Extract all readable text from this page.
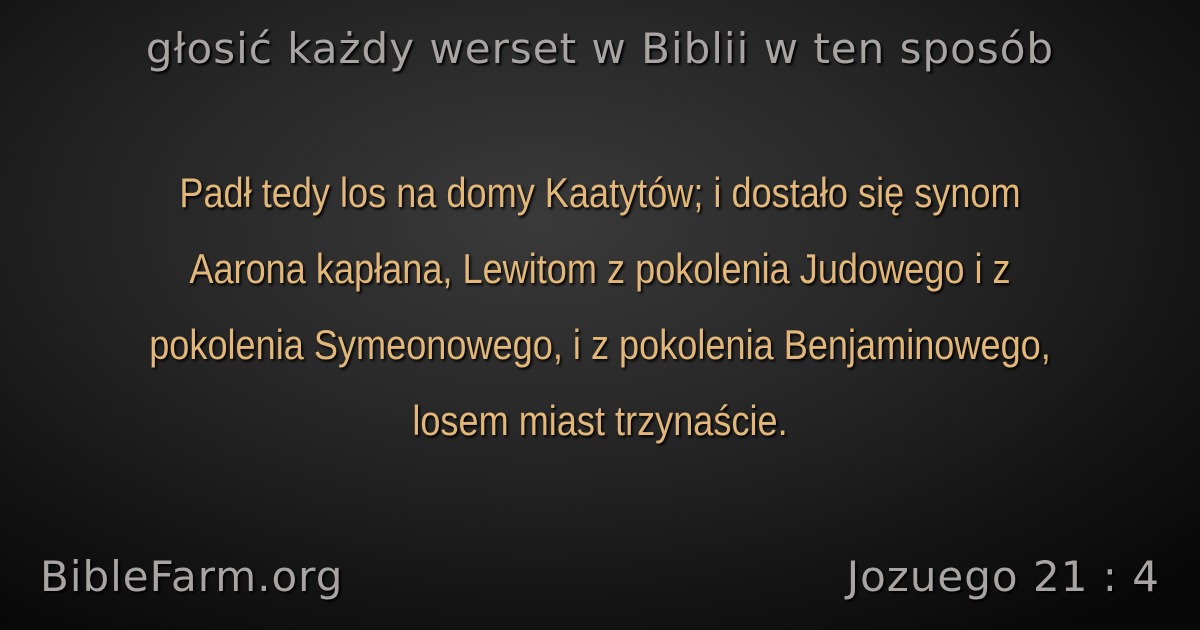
głosić każdy werset w Biblii w ten sposób
Padł tedy los na domy Kaatytów; i dostało się synom Aarona kapłana, Lewitom z pokolenia Judowego i z pokolenia Symeonowego, i z pokolenia Benjaminowego, losem miast trzynaście.
BibleFarm.org	Jozuego 21 : 4
